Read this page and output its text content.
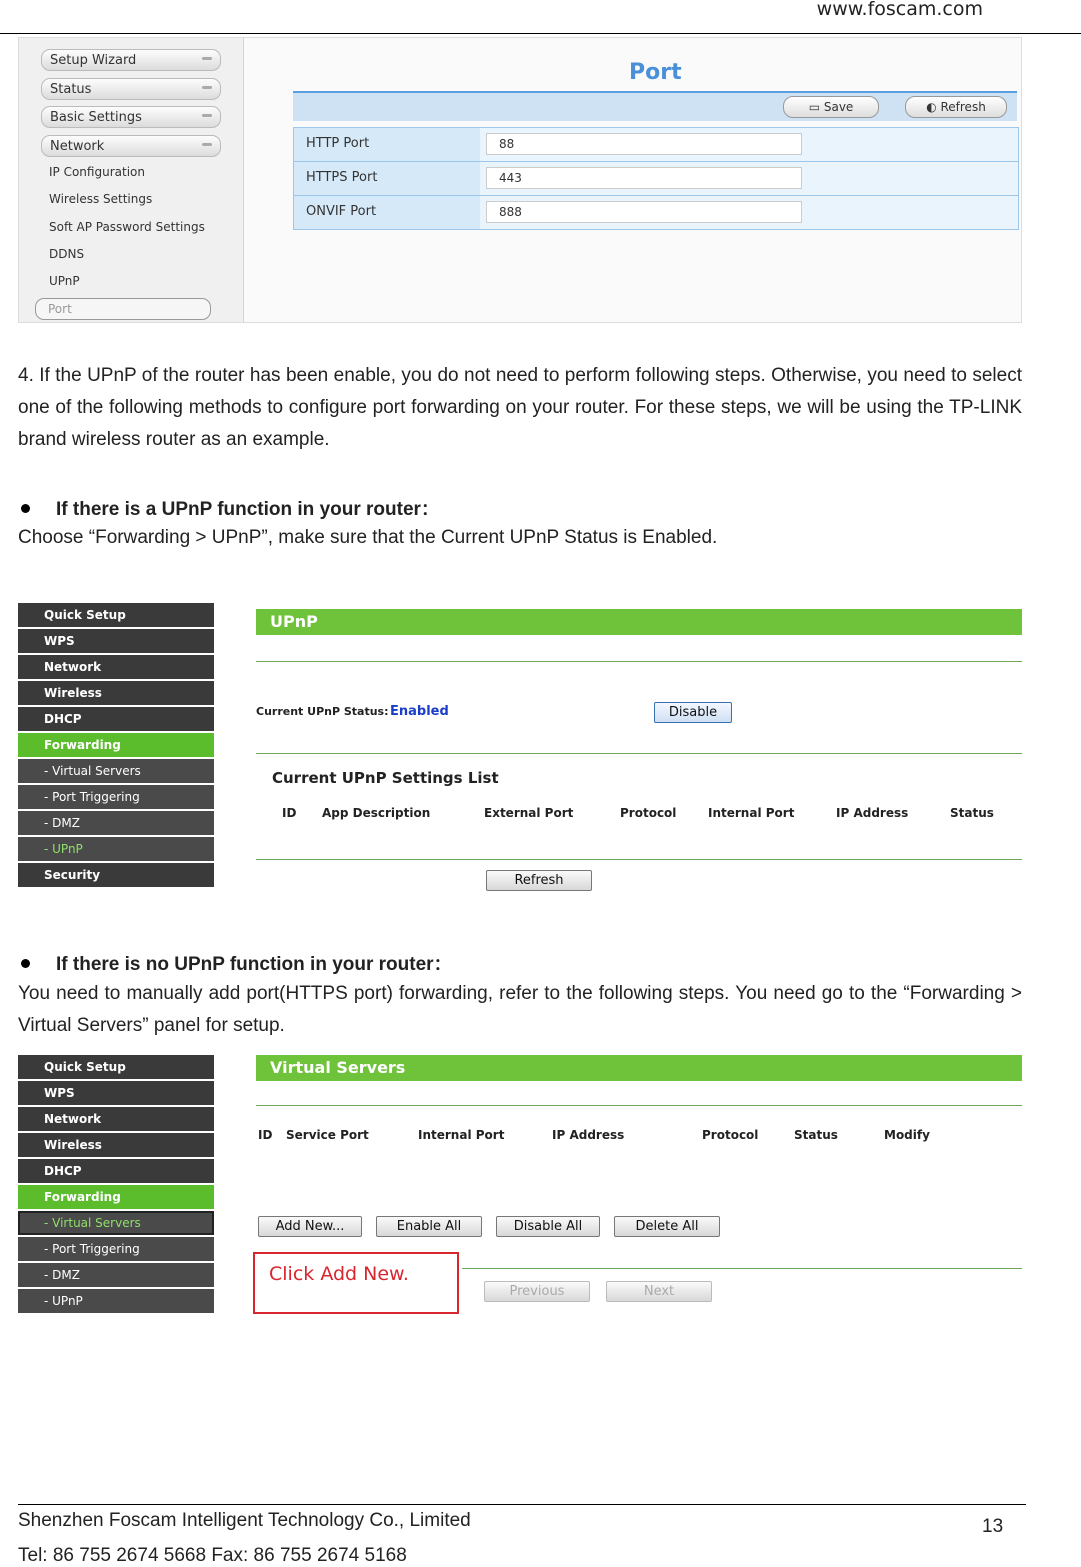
www.foscam.com
Setup Wizard
Status
Basic Settings
Network
IP Configuration
Wireless Settings
Soft AP Password Settings
DDNS
UPnP
Port
Port
▭ Save	◐ Refresh
HTTP Port	88
HTTPS Port	443
ONVIF Port	888
4. If the UPnP of the router has been enable, you do not need to perform following steps. Otherwise, you need to select one of the following methods to configure port forwarding on your router. For these steps, we will be using the TP-LINK brand wireless router as an example.
If there is a UPnP function in your router：
Choose “Forwarding > UPnP”, make sure that the Current UPnP Status is Enabled.
Quick Setup
WPS
Network
Wireless
DHCP
Forwarding
- Virtual Servers
- Port Triggering
- DMZ
- UPnP
Security
UPnP
Current UPnP Status: Enabled	Disable
Current UPnP Settings List
ID App Description	External Port	Protocol	Internal Port	IP Address	Status
Refresh
If there is no UPnP function in your router：
You need to manually add port(HTTPS port) forwarding, refer to the following steps. You need go to the “Forwarding > Virtual Servers” panel for setup.
Quick Setup
WPS
Network
Wireless
DHCP
Forwarding
- Virtual Servers
- Port Triggering
- DMZ
- UPnP
Virtual Servers
ID Service Port	Internal Port	IP Address	Protocol	Status	Modify
Add New...	Enable All	Disable All	Delete All
Click Add New.
Previous	Next
Shenzhen Foscam Intelligent Technology Co., Limited
Tel: 86 755 2674 5668 Fax: 86 755 2674 5168
13
